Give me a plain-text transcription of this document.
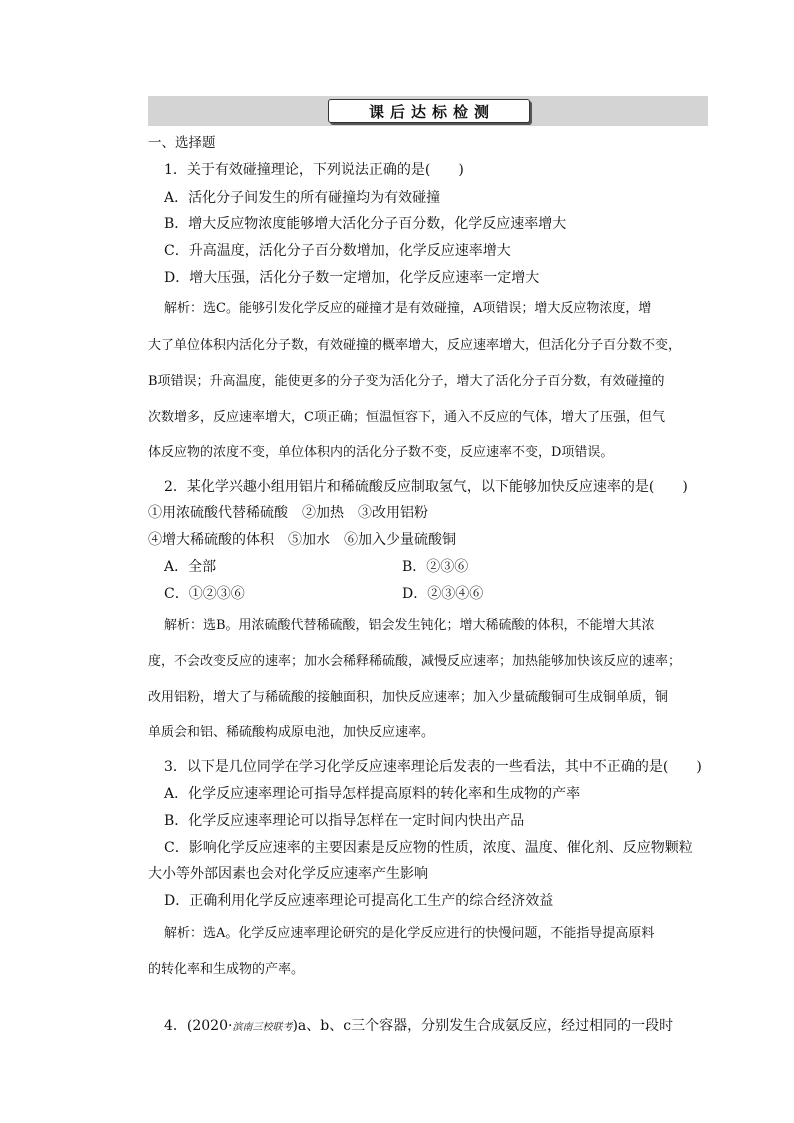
课后达标检测
一、选择题
1．关于有效碰撞理论，下列说法正确的是(　　)
A．活化分子间发生的所有碰撞均为有效碰撞
B．增大反应物浓度能够增大活化分子百分数，化学反应速率增大
C．升高温度，活化分子百分数增加，化学反应速率增大
D．增大压强，活化分子数一定增加，化学反应速率一定增大
解析：选C。能够引发化学反应的碰撞才是有效碰撞，A项错误；增大反应物浓度，增
大了单位体积内活化分子数，有效碰撞的概率增大，反应速率增大，但活化分子百分数不变，
B项错误；升高温度，能使更多的分子变为活化分子，增大了活化分子百分数，有效碰撞的
次数增多，反应速率增大，C项正确；恒温恒容下，通入不反应的气体，增大了压强，但气
体反应物的浓度不变，单位体积内的活化分子数不变，反应速率不变，D项错误。
2．某化学兴趣小组用铝片和稀硫酸反应制取氢气，以下能够加快反应速率的是(　　)
①用浓硫酸代替稀硫酸　②加热　③改用铝粉
④增大稀硫酸的体积　⑤加水　⑥加入少量硫酸铜
A．全部	B．②③⑥
C．①②③⑥	D．②③④⑥
解析：选B。用浓硫酸代替稀硫酸，铝会发生钝化；增大稀硫酸的体积，不能增大其浓
度，不会改变反应的速率；加水会稀释稀硫酸，减慢反应速率；加热能够加快该反应的速率；
改用铝粉，增大了与稀硫酸的接触面积，加快反应速率；加入少量硫酸铜可生成铜单质，铜
单质会和铝、稀硫酸构成原电池，加快反应速率。
3．以下是几位同学在学习化学反应速率理论后发表的一些看法，其中不正确的是(　　)
A．化学反应速率理论可指导怎样提高原料的转化率和生成物的产率
B．化学反应速率理论可以指导怎样在一定时间内快出产品
C．影响化学反应速率的主要因素是反应物的性质，浓度、温度、催化剂、反应物颗粒
大小等外部因素也会对化学反应速率产生影响
D．正确利用化学反应速率理论可提高化工生产的综合经济效益
解析：选A。化学反应速率理论研究的是化学反应进行的快慢问题，不能指导提高原料
的转化率和生成物的产率。
4．(2020·滨南三校联考)a、b、c三个容器，分别发生合成氨反应，经过相同的一段时
